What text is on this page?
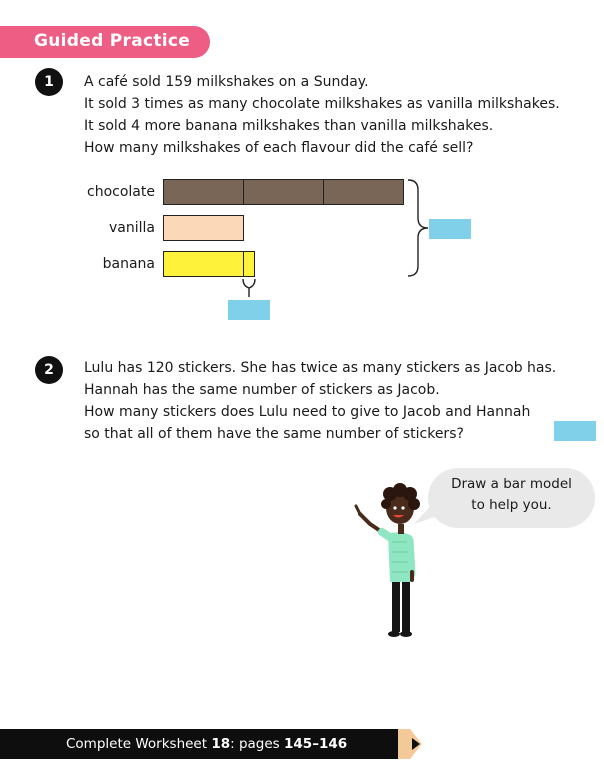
Guided Practice
1	A café sold 159 milkshakes on a Sunday.
It sold 3 times as many chocolate milkshakes as vanilla milkshakes.
It sold 4 more banana milkshakes than vanilla milkshakes.
How many milkshakes of each flavour did the café sell?
chocolate
vanilla
banana
2	Lulu has 120 stickers. She has twice as many stickers as Jacob has.
Hannah has the same number of stickers as Jacob.
How many stickers does Lulu need to give to Jacob and Hannah
so that all of them have the same number of stickers?
Draw a bar model
to help you.
Complete Worksheet 18: pages 145–146
